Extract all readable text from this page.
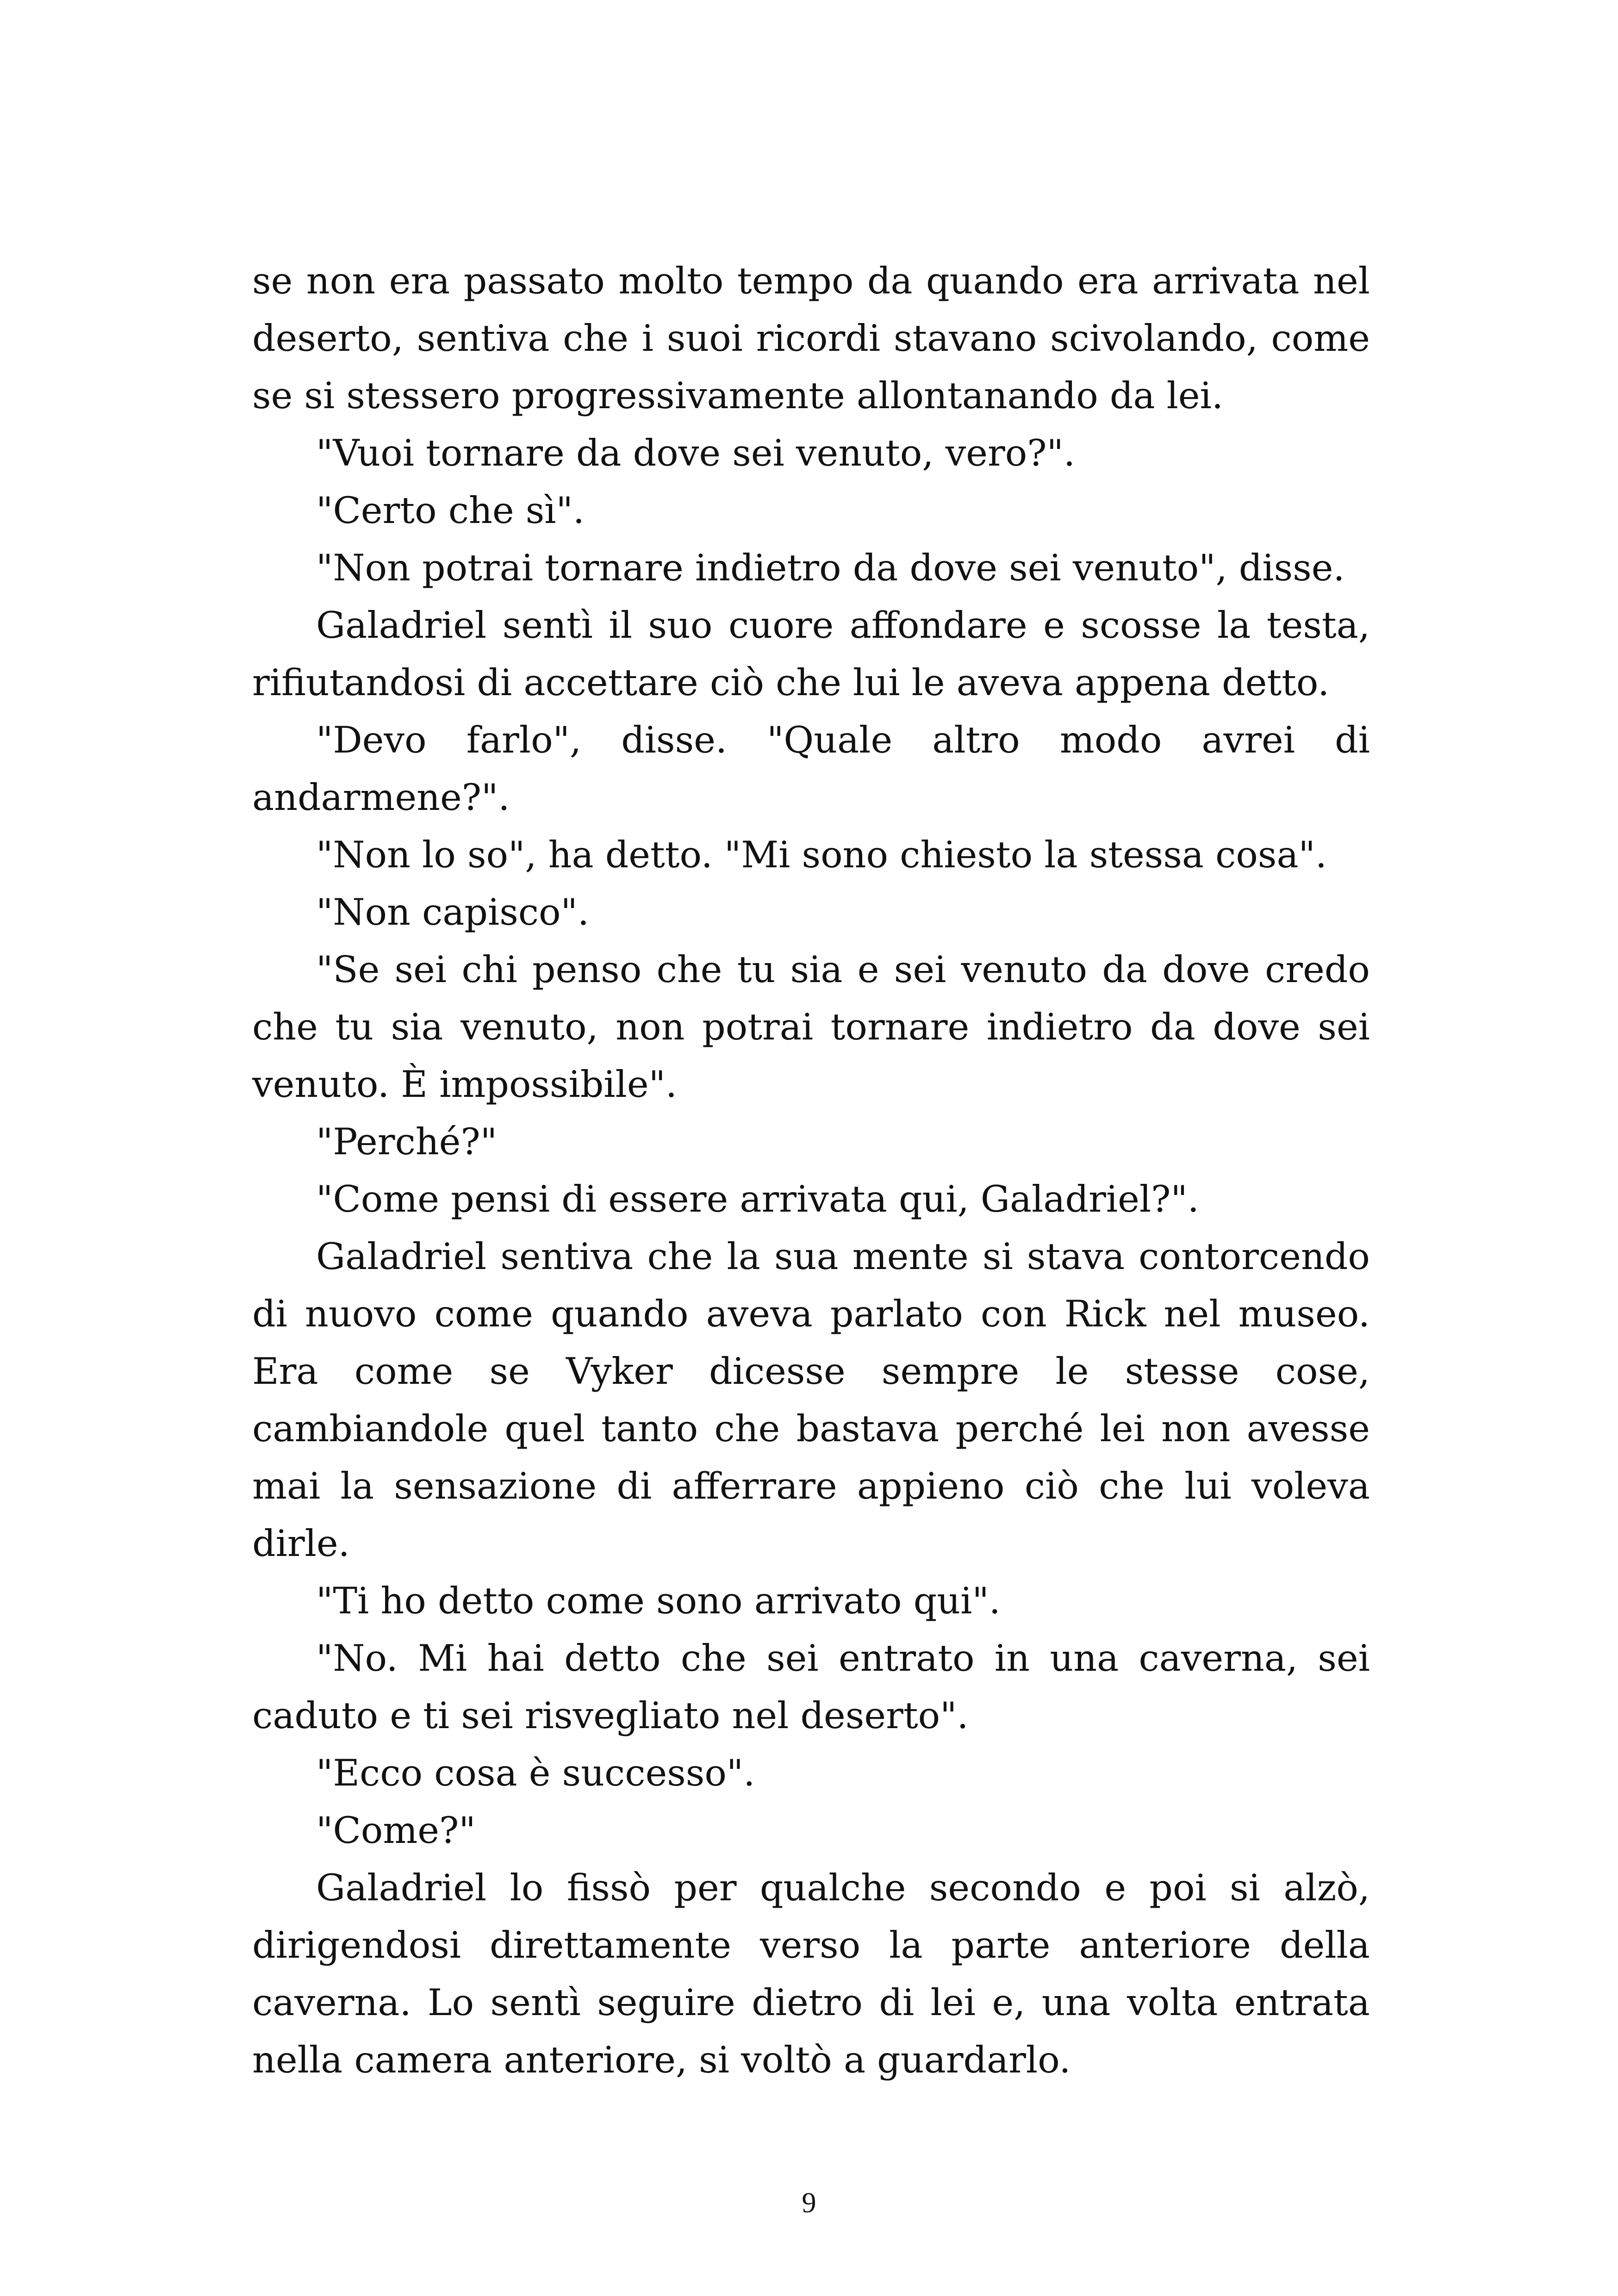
se non era passato molto tempo da quando era arrivata nel deserto, sentiva che i suoi ricordi stavano scivolando, come se si stessero progressivamente allontanando da lei.

"Vuoi tornare da dove sei venuto, vero?".

"Certo che sì".

"Non potrai tornare indietro da dove sei venuto", disse.

Galadriel sentì il suo cuore affondare e scosse la testa, rifiutandosi di accettare ciò che lui le aveva appena detto.

"Devo farlo", disse. "Quale altro modo avrei di andarmene?".

"Non lo so", ha detto. "Mi sono chiesto la stessa cosa".

"Non capisco".

"Se sei chi penso che tu sia e sei venuto da dove credo che tu sia venuto, non potrai tornare indietro da dove sei venuto. È impossibile".

"Perché?"

"Come pensi di essere arrivata qui, Galadriel?".

Galadriel sentiva che la sua mente si stava contorcendo di nuovo come quando aveva parlato con Rick nel museo. Era come se Vyker dicesse sempre le stesse cose, cambiandole quel tanto che bastava perché lei non avesse mai la sensazione di afferrare appieno ciò che lui voleva dirle.

"Ti ho detto come sono arrivato qui".

"No. Mi hai detto che sei entrato in una caverna, sei caduto e ti sei risvegliato nel deserto".

"Ecco cosa è successo".

"Come?"

Galadriel lo fissò per qualche secondo e poi si alzò, dirigendosi direttamente verso la parte anteriore della caverna. Lo sentì seguire dietro di lei e, una volta entrata nella camera anteriore, si voltò a guardarlo.

9
